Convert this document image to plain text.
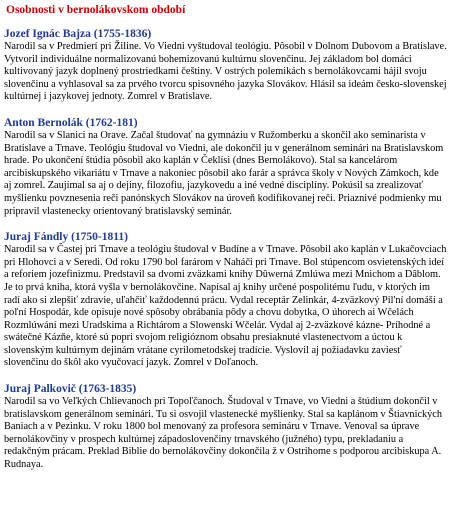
Osobnosti v bernolákovskom období
Jozef Ignác Bajza (1755-1836)

Narodil sa v Predmierí pri Žiline. Vo Viedni vyštudoval teológiu. Pôsobil v Dolnom Dubovom a Bratislave. Vytvoril individuálne normalizovanú bohemizovanú kultúrnu slovenčinu. Jej základom bol domáci kultivovaný jazyk doplnený prostriedkami češtiny. V ostrých polemikách s bernolákovcami hájil svoju slovenčinu a vyhlasoval sa za prvého tvorcu spisovného jazyka Slovákov. Hlásil sa ideám česko-slovenskej kultúrnej i jazykovej jednoty. Zomrel v Bratislave.

Anton Bernolák (1762-181)

Narodil sa v Slanici na Orave. Začal študovať na gymnáziu v Ružomberku a skončil ako seminarista v Bratislave a Trnave. Teológiu študoval vo Viedni, ale dokončil ju v generálnom seminári na Bratislavskom hrade. Po ukončení štúdia pôsobil ako kaplán v Čeklísi (dnes Bernolákovo). Stal sa kancelárom arcibiskupského vikariátu v Trnave a nakoniec pôsobil ako farár a správca školy v Nových Zámkoch, kde aj zomrel. Zaujímal sa aj o dejiny, filozofiu, jazykovedu a iné vedné disciplíny. Pokúsil sa zrealizovať myšlienku povznesenia reči panónskych Slovákov na úroveň kodifikovanej reči. Priaznivé podmienky mu pripravil vlastenecky orientovaný bratislavský seminár.

Juraj Fándly (1750-1811)

Narodil sa v Častej pri Trnave a teológiu študoval v Budíne a v Trnave. Pôsobil ako kaplán v Lukačovciach pri Hlohovci a v Seredi. Od roku 1790 bol farárom v Naháči pri Trnave. Bol stúpencom osvietenských ideí a reforiem jozefinizmu. Predstavil sa dvomi zväzkami knihy Dûwerná Zmlúwa mezi Mnichom a Dâblom. Je to prvá kniha, ktorá vyšla v bernolákovčine. Napísal aj knihy určené pospolitému ľudu, v ktorých im radí ako si zlepšiť zdravie, uľahčiť každodennú prácu. Vydal receptár Zelinkár, 4-zväzkový Pil'ní domáší a poľní Hospodár, kde opisuje nové spôsoby obrábania pôdy a chovu dobytka, O úhorech ai Wčelách Rozmlúwání mezi Uradskima a Richtárom a Slowenskí Wčelár. Vydal aj 2-zväzkové kázne- Príhodné a swátečné Kázňe, ktoré sú popri svojom religióznom obsahu presiaknuté vlastenectvom a úctou k slovenským kultúrnym dejinám vrátane cyrilometodskej tradície. Vyslovil aj požiadavku zaviesť slovenčinu do škôl ako vyučovací jazyk. Zomrel v Doľanoch.

Juraj Palkovič (1763-1835)

Narodil sa vo Veľkých Chlievanoch pri Topoľčanoch. Študoval v Trnave, vo Viedni a štúdium dokončil v bratislavskom generálnom seminári. Tu si osvojil vlastenecké myšlienky. Stal sa kaplánom v Štiavnických Baniach a v Pezinku. V roku 1800 bol menovaný za profesora semináru v Trnave. Venoval sa úprave bernolákovčiny v prospech kultúrnej západoslovenčiny trnavského (južného) typu, prekladaniu a redakčným prácam. Preklad Biblie do bernolákovčiny dokončila ž v Ostrihome s podporou arcibiskupa A. Rudnaya.
